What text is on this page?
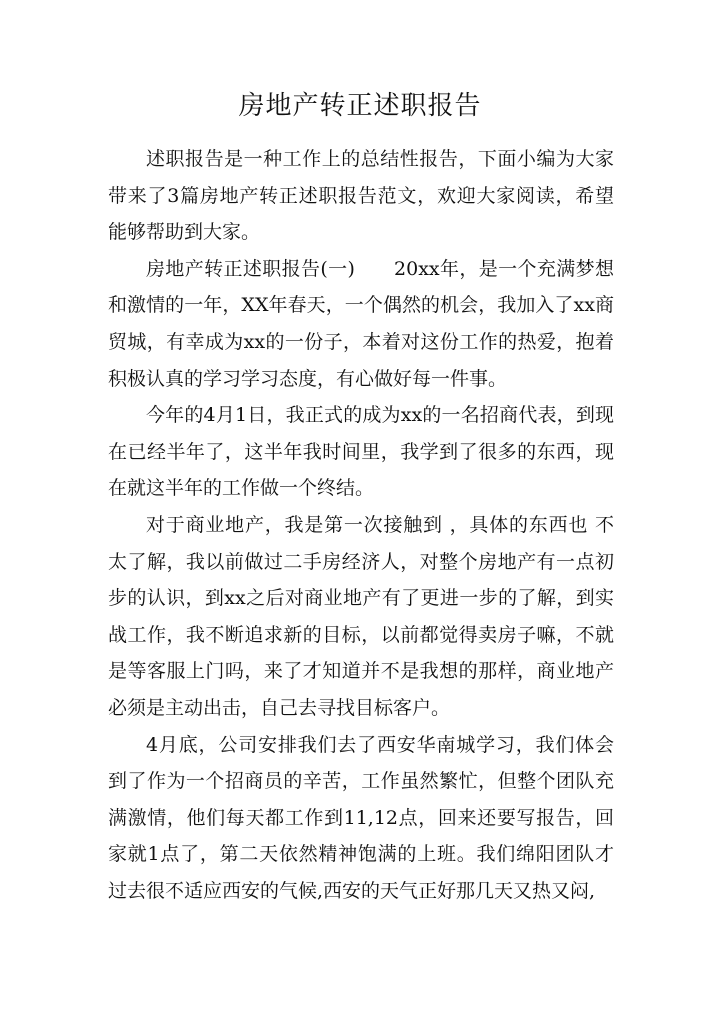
房地产转正述职报告

述职报告是一种工作上的总结性报告，下面小编为大家带来了3篇房地产转正述职报告范文，欢迎大家阅读，希望能够帮助到大家。

房地产转正述职报告(一)　　20xx年，是一个充满梦想和激情的一年，XX年春天，一个偶然的机会，我加入了xx商贸城，有幸成为xx的一份子，本着对这份工作的热爱，抱着 积极认真的学习学习态度，有心做好每一件事。

今年的4月1日，我正式的成为xx的一名招商代表，到现在已经半年了，这半年我时间里，我学到了很多的东西，现在就这半年的工作做一个终结。

对于商业地产，我是第一次接触到 ，具体的东西也 不太了解，我以前做过二手房经济人，对整个房地产有一点初步的认识，到xx之后对商业地产有了更进一步的了解，到实战工作，我不断追求新的目标，以前都觉得卖房子嘛，不就是等客服上门吗，来了才知道并不是我想的那样，商业地产必须是主动出击，自己去寻找目标客户。

4月底，公司安排我们去了西安华南城学习，我们体会到了作为一个招商员的辛苦，工作虽然繁忙，但整个团队充满激情，他们每天都工作到11,12点，回来还要写报告，回家就1点了，第二天依然精神饱满的上班。我们绵阳团队才过去很不适应西安的气候,西安的天气正好那几天又热又闷,
